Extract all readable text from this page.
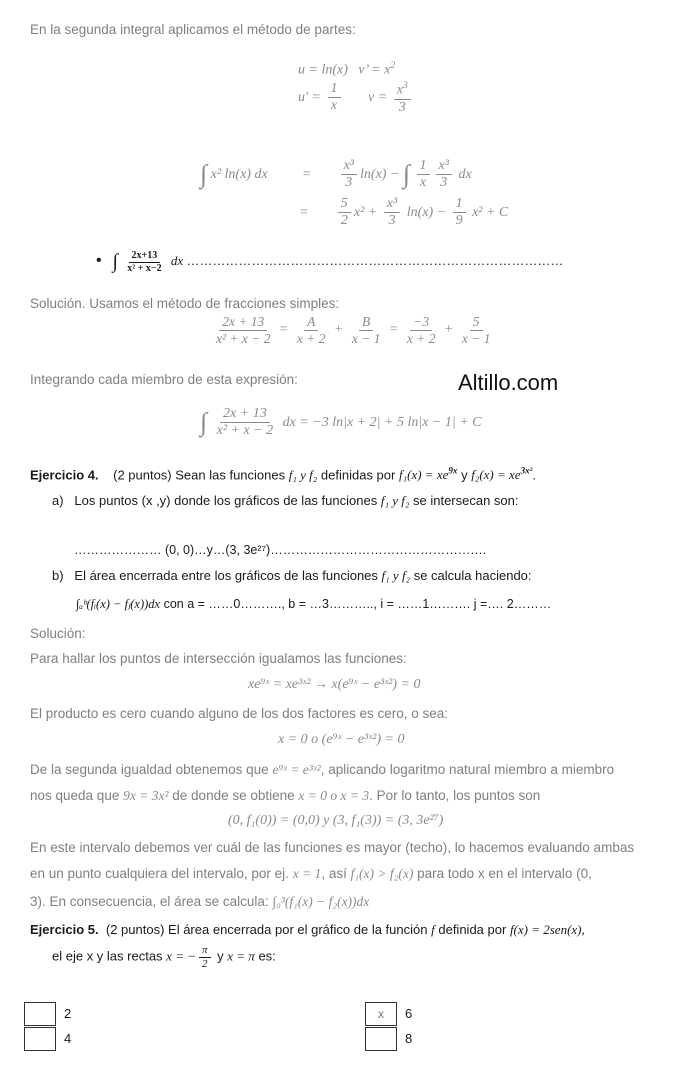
En la segunda integral aplicamos el método de partes:
u = ln(x) v’ = $x^2$
$u' = \frac{1}{x}$ $v = \frac{x^3}{3}$
∫ x² ln(x) dx	= $\frac{\text{x³}}{3} \ln(x)$ − ∫ $\frac{1}{x} \frac{\text{x³}}{3}$ dx
= $\frac{5}{2} x^2 + \frac{\text{x³}}{3} \ln(x) - \frac{1}{9} x^2 + C$
• ∫ $\frac{2x+13}{\text{x² + x−2}}$ dx ……………………………………………………………………………
Solución. Usamos el método de fracciones simples:
$\frac{2x + 13}{\text{x² + x − 2}} = \frac{A}{x + 2} + \frac{B}{x - 1} = \frac{-3}{x + 2} + \frac{5}{x - 1}$
Integrando cada miembro de esta expresión:	Altillo.com
∫ $\frac{2x + 13}{\text{x² + x − 2}}$ dx = −3 ln|x + 2| + 5 ln|x − 1| + C
Ejercicio 4. (2 puntos) Sean las funciones f₁ y f₂ definidas por $f_1(x) = xe^{9x}$ y $f_2(x) = xe^{3x^2}$.
a) Los puntos (x ,y) donde los gráficos de las funciones f₁ y f₂ se intersecan son:
………………… (0, 0)…y…(3, 3e²⁷)…………………………………………….
b) El área encerrada entre los gráficos de las funciones f₁ y f₂ se calcula haciendo:
∫ₐᵇ(fᵢ(x) − fⱼ(x))dx con a = ……0………., b = …3……….., i = ……1………. j =…. 2………
Solución:
Para hallar los puntos de intersección igualamos las funciones:
xe⁹ˣ = xe³ˣ² → x(e⁹ˣ − e³ˣ²) = 0
El producto es cero cuando alguno de los dos factores es cero, o sea:
x = 0 o (e⁹ˣ − e³ˣ²) = 0
De la segunda igualdad obtenemos que e⁹ˣ = e³ˣ², aplicando logaritmo natural miembro a miembro
nos queda que 9x = 3x² de donde se obtiene x = 0 o x = 3. Por lo tanto, los puntos son
(0, f₁(0)) = (0,0) y (3, f₁(3)) = (3, 3e²⁷)
En este intervalo debemos ver cuál de las funciones es mayor (techo), lo hacemos evaluando ambas
en un punto cualquiera del intervalo, por ej. x = 1, así f₁(x) > f₂(x) para todo x en el intervalo (0,
3). En consecuencia, el área se calcula: ∫₀³(f₁(x) − f₂(x))dx
Ejercicio 5. (2 puntos) El área encerrada por el gráfico de la función f definida por f(x) = 2sen(x),
el eje x y las rectas x = − $\frac{\pi}{2}$ y x = π es:
2
4
x	6
8
